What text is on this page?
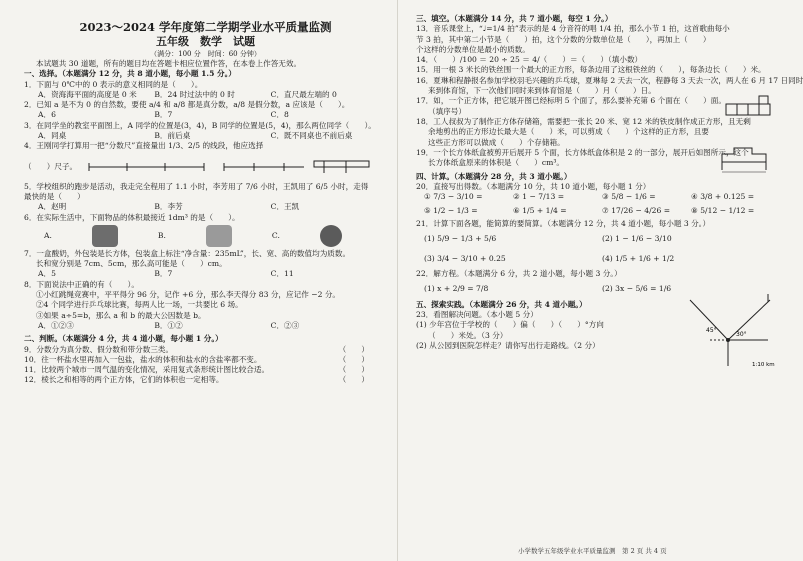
2023～2024 学年度第二学期学业水平质量监测
五年级　数学　试题
（满分：100 分　时间：60 分钟）
本试题共 30 道题，所有的题目均在答题卡相应位置作答，在本卷上作答无效。
一、选择。（本题满分 12 分，共 8 道小题，每小题 1.5 分。）
1．下面与 0℃中的 0 表示的意义相同的是（　　）。
A．资海海平面的高度是 0 米	B．24 时过法中的 0 时	C．直尺最左端的 0
2．已知 a 是不为 0 的自然数，要使 a/4 和 a/8 都是真分数，a/8 是假分数，a 应该是（　　）。
A．6	B．7	C．8
3．在同学坐的教室平面图上，A 同学的位置是(3，4)，B 同学的位置是(5，4)，那么两位同学（　　）。
A．同桌	B．前后桌	C．既不同桌也不前后桌
4．王刚同学打算用一把“分数尺”直接量出 1/3、2/5 的线段，他应选择
（　　）尺子。
5．学校组织的跑步是活动，我走完全程用了 1.1 小时，李芳用了 7/6 小时，王凯用了 6/5 小时，走得
最快的是（　　）
A．赵明	B．李芳	C．王凯
6．在实际生活中，下面物品的体积最接近 1dm³ 的是（　　）。
A.	B.	C.
7．一盒酸奶，外包装是长方体，包装盒上标注“净含量：235mL”，长、宽、高的数值均为质数。
长和宽分别是 7cm、5cm，那么高可能是（　　）cm。
A．5	B．7	C．11
8．下面说法中正确的有（　　）。
①小红跳绳竞赛中，平平得分 96 分，记作 +6 分，那么李天得分 83 分，应记作 −2 分。
②4 个同学进行乒乓球比赛，每两人比一场，一共要比 6 场。
③如果 a÷5=b，那么 a 和 b 的最大公因数是 b。
A．①②③	B．①②	C．②③
二、判断。（本题满分 4 分，共 4 道小题，每小题 1 分。）
9．分数分为真分数、假分数和带分数三类。	（　　）
10．往一杯盐水里再加入一包盐，盐水的体积和盐水的含盐率都不变。	（　　）
11．比较两个城市一周气温的变化情况，采用复式条形统计图比较合适。	（　　）
12．棱长之和相等的两个正方体，它们的体积也一定相等。	（　　）
三、填空。（本题满分 14 分，共 7 道小题，每空 1 分。）
13．音乐课堂上，“♩=1/4 拍”表示的是 4 分音符的唱 1/4 拍，那么小节 1 拍，这首歌曲每小
节 3 拍，其中第二小节是（　　）拍，这个分数的分数单位是（　　），再加上（　　）
个这样的分数单位是最小的质数。
14．（　　）/100 ＝ 20 ÷ 25 ＝ 4/（　　）＝（　　）（填小数）
15．用一根 3 米长的铁丝围一个最大的正方形，每条边用了这根铁丝的（　　），每条边长（　　）米。
16．夏琳和程静报名参加学校羽毛兴趣的乒乓球，夏琳每 2 天去一次，程静每 3 天去一次，两人在 6 月 17 日同时
来到体育馆，下一次他们同时来到体育馆是（　　）月（　　）日。
17．如，一个正方体，把它展开图已经标明 5 个面了，那么要补充第 6 个面在（　　）面。
（填序号）
18．工人叔叔为了制作正方体存储箱，需要把一张长 20 米、宽 12 米的铁皮制作成正方形，且无剩
余地剪出的正方形边长最大是（　　）米，可以剪成（　　）个这样的正方形，且要
这些正方形可以做成（　　）个存储箱。
19．一个长方体纸盒被剪开后展开 5 个面，长方体纸盒体积是 2 的一部分，展开后如图所示，这个
长方体纸盒原来的体积是（　　）cm³。
四、计算。（本题满分 28 分，共 3 道小题。）
20．直接写出得数。（本题满分 10 分，共 10 道小题，每小题 1 分）
① 7/3 − 3/10 =	② 1 − 7/13 =	③ 5/8 − 1/6 =	④ 3/8 + 0.125 =
⑤ 1/2 − 1/3 =	⑥ 1/5 + 1/4 =	⑦ 17/26 − 4/26 =	⑧ 5/12 − 1/12 =
21．计算下面各题，能简算的要简算。（本题满分 12 分，共 4 道小题，每小题 3 分。）
(1) 5/9 − 1/3 + 5/6	(2) 1 − 1/6 − 3/10
(3) 3/4 − 3/10 + 0.25	(4) 1/5 + 1/6 + 1/2
22．解方程。（本题满分 6 分，共 2 道小题，每小题 3 分。）
(1) x + 2/9 = 7/8	(2) 3x − 5/6 = 1/6
五、探索实践。（本题满分 26 分，共 4 道小题。）
23．看图解决问题。（本小题 5 分）
(1) 少年宫位于学校的（　　）偏（　　）（　　）°方向
（　　）米处。（3 分）
(2) 从公园到医院怎样走？请你写出行走路线。（2 分）
45°
30°
1:10 km
小学数学五年级学业水平质量监测　第 2 页 共 4 页
